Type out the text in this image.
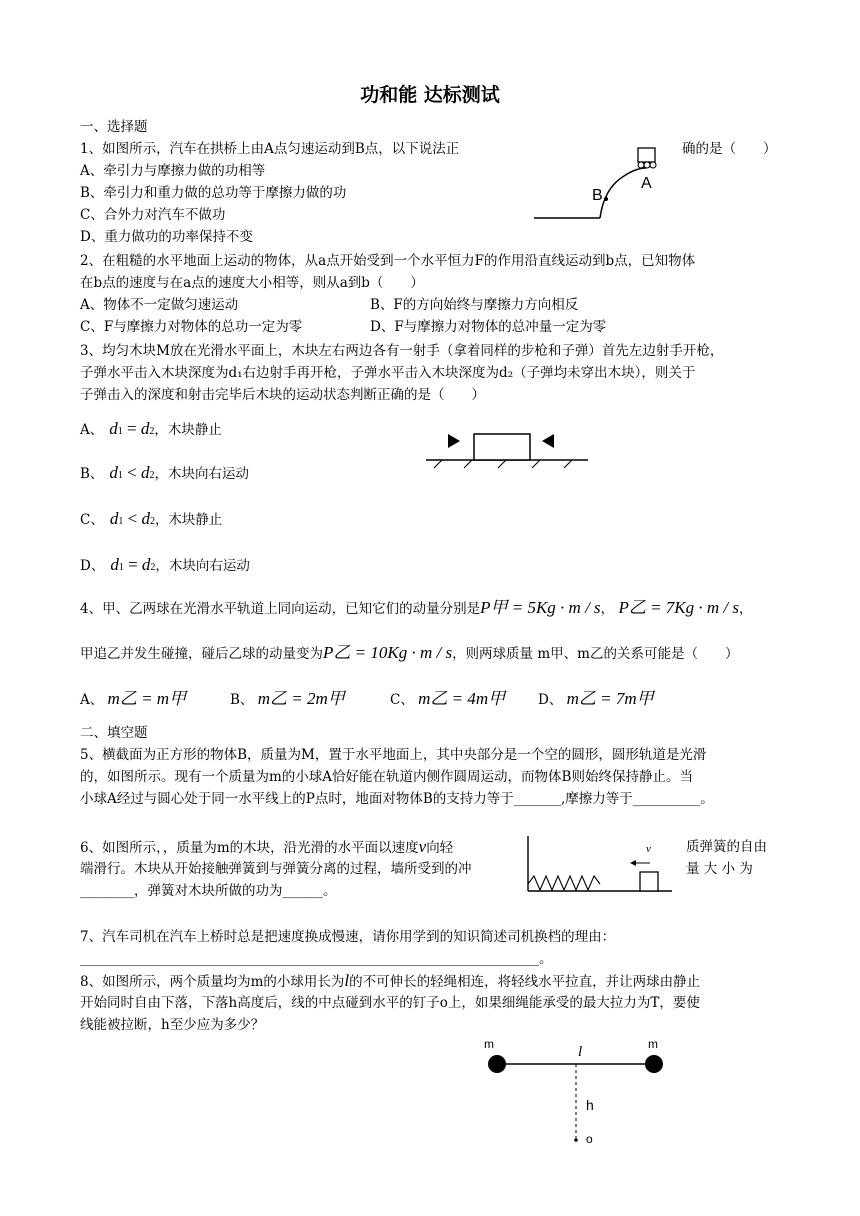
功和能 达标测试
一、选择题
1、如图所示，汽车在拱桥上由A点匀速运动到B点，以下说法正	确的是（　　）
A、牵引力与摩擦力做的功相等
B、牵引力和重力做的总功等于摩擦力做的功
C、合外力对汽车不做功
D、重力做功的功率保持不变
B
A
2、在粗糙的水平地面上运动的物体，从a点开始受到一个水平恒力F的作用沿直线运动到b点，已知物体
在b点的速度与在a点的速度大小相等，则从a到b（　　）
A、物体不一定做匀速运动	B、F的方向始终与摩擦力方向相反
C、F与摩擦力对物体的总功一定为零	D、F与摩擦力对物体的总冲量一定为零
3、均匀木块M放在光滑水平面上，木块左右两边各有一射手（拿着同样的步枪和子弹）首先左边射手开枪，
子弹水平击入木块深度为d₁右边射手再开枪，子弹水平击入木块深度为d₂（子弹均未穿出木块），则关于
子弹击入的深度和射击完毕后木块的运动状态判断正确的是（　　）
A、 d1 = d2，木块静止
B、 d1 < d2，木块向右运动
C、 d1 < d2，木块静止
D、 d1 = d2，木块向右运动
4、甲、乙两球在光滑水平轨道上同向运动，已知它们的动量分别是P甲 = 5Kg · m / s， P乙 = 7Kg · m / s，
甲追乙并发生碰撞，碰后乙球的动量变为P乙 = 10Kg · m / s，则两球质量 m甲、m乙的关系可能是（　　）
A、 m乙 = m甲	B、 m乙 = 2m甲	C、 m乙 = 4m甲 D、 m乙 = 7m甲
二、填空题
5、横截面为正方形的物体B，质量为M，置于水平地面上，其中央部分是一个空的圆形，圆形轨道是光滑
的，如图所示。现有一个质量为m的小球A恰好能在轨道内侧作圆周运动，而物体B则始终保持静止。当
小球A经过与圆心处于同一水平线上的P点时，地面对物体B的支持力等于_______,摩擦力等于__________。
6、如图所示，，质量为m的木块，沿光滑的水平面以速度v向轻	质弹簧的自由
端滑行。木块从开始接触弹簧到与弹簧分离的过程，墙所受到的冲	量 大 小 为
________，弹簧对木块所做的功为______。
v
7、汽车司机在汽车上桥时总是把速度换成慢速，请你用学到的知识简述司机换档的理由：
____________________________________________________________________。
8、如图所示，两个质量均为m的小球用长为l的不可伸长的轻绳相连，将轻线水平拉直，并让两球由静止
开始同时自由下落，下落h高度后，线的中点碰到水平的钉子o上，如果细绳能承受的最大拉力为T，要使
线能被拉断，h至少应为多少？
m	m
l
h
o
